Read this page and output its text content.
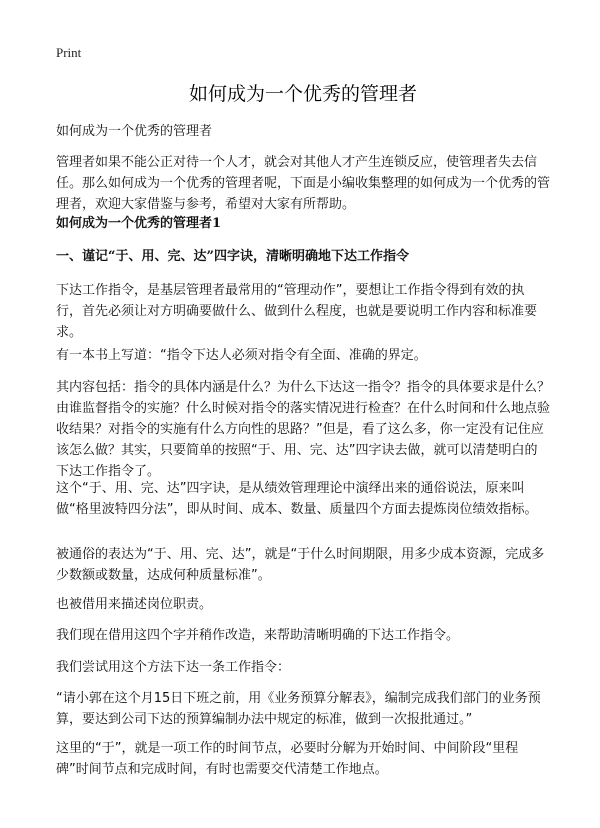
Print
如何成为一个优秀的管理者

如何成为一个优秀的管理者

管理者如果不能公正对待一个人才，就会对其他人才产生连锁反应，使管理者失去信任。那么如何成为一个优秀的管理者呢，下面是小编收集整理的如何成为一个优秀的管理者，欢迎大家借鉴与参考，希望对大家有所帮助。

如何成为一个优秀的管理者1

一、谨记“于、用、完、达”四字诀，清晰明确地下达工作指令

下达工作指令，是基层管理者最常用的“管理动作”，要想让工作指令得到有效的执行，首先必须让对方明确要做什么、做到什么程度，也就是要说明工作内容和标准要求。

有一本书上写道：“指令下达人必须对指令有全面、准确的界定。

其内容包括：指令的具体内涵是什么？为什么下达这一指令？指令的具体要求是什么？由谁监督指令的实施？什么时候对指令的落实情况进行检查？在什么时间和什么地点验收结果？对指令的实施有什么方向性的思路？”但是，看了这么多，你一定没有记住应该怎么做？其实，只要简单的按照“于、用、完、达”四字诀去做，就可以清楚明白的下达工作指令了。

这个“于、用、完、达”四字诀，是从绩效管理理论中演绎出来的通俗说法，原来叫做“格里波特四分法”，即从时间、成本、数量、质量四个方面去提炼岗位绩效指标。

被通俗的表达为“于、用、完、达”，就是“于什么时间期限，用多少成本资源，完成多少数额或数量，达成何种质量标准”。

也被借用来描述岗位职责。

我们现在借用这四个字并稍作改造，来帮助清晰明确的下达工作指令。

我们尝试用这个方法下达一条工作指令：

“请小郭在这个月15日下班之前，用《业务预算分解表》，编制完成我们部门的业务预算，要达到公司下达的预算编制办法中规定的标准，做到一次报批通过。”

这里的“于”，就是一项工作的时间节点，必要时分解为开始时间、中间阶段“里程碑”时间节点和完成时间，有时也需要交代清楚工作地点。
